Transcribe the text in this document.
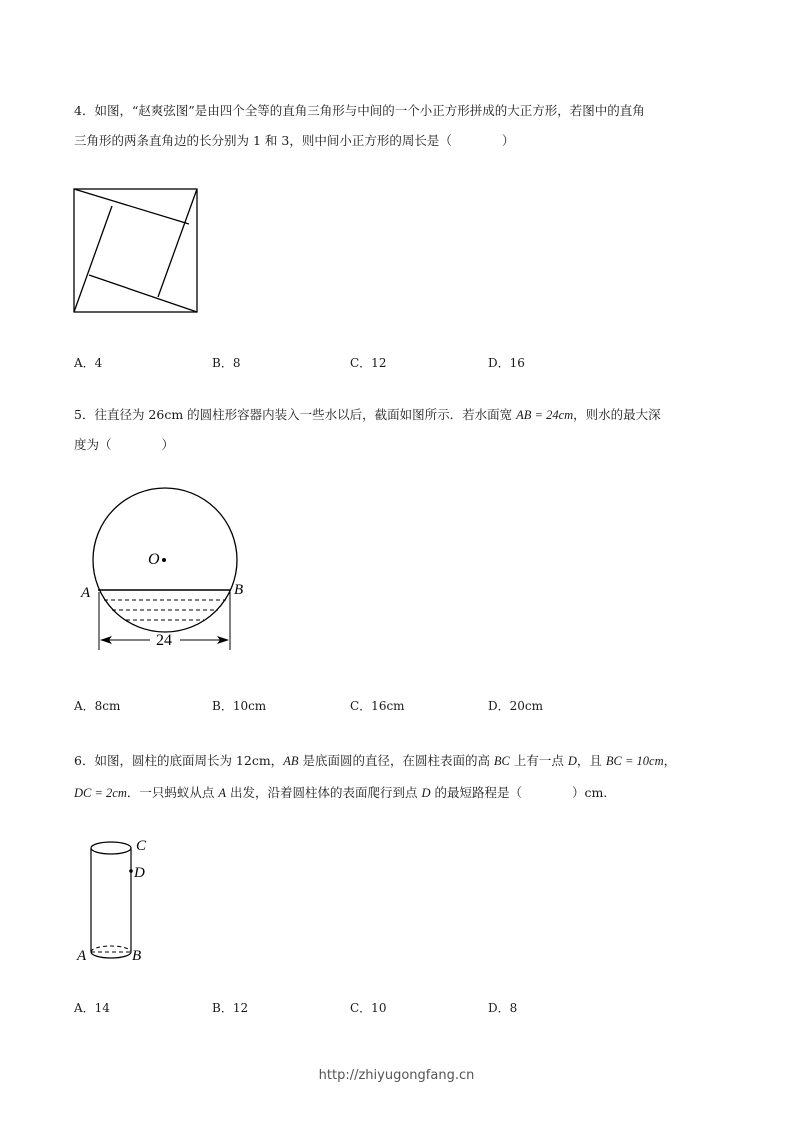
4．如图，“赵爽弦图”是由四个全等的直角三角形与中间的一个小正方形拼成的大正方形，若图中的直角
三角形的两条直角边的长分别为 1 和 3，则中间小正方形的周长是（　　　　）
A．4	B．8	C．12	D．16
5．往直径为 26cm 的圆柱形容器内装入一些水以后，截面如图所示．若水面宽 AB = 24cm，则水的最大深
度为（　　　　）
O
A	B
24
A．8cm	B．10cm	C．16cm	D．20cm
6．如图，圆柱的底面周长为 12cm，AB 是底面圆的直径，在圆柱表面的高 BC 上有一点 D，且 BC = 10cm，
DC = 2cm．一只蚂蚁从点 A 出发，沿着圆柱体的表面爬行到点 D 的最短路程是（　　　　）cm.
C
D
A	B
A．14	B．12	C．10	D．8
http://zhiyugongfang.cn
